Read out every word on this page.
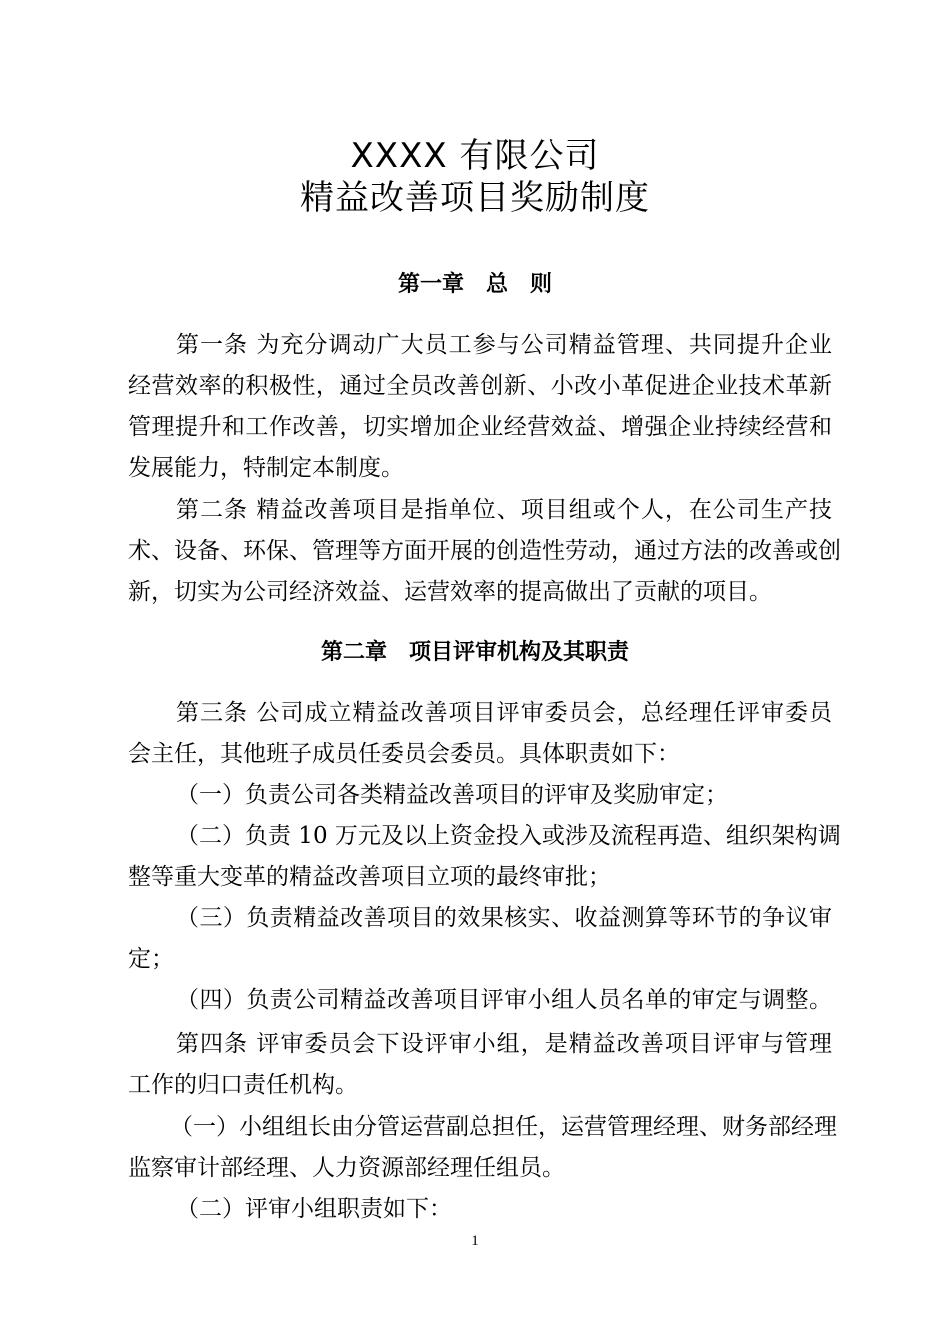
XXXX 有限公司
精益改善项目奖励制度
第一章　总　则
第一条 为充分调动广大员工参与公司精益管理、共同提升企业
经营效率的积极性，通过全员改善创新、小改小革促进企业技术革新
管理提升和工作改善，切实增加企业经营效益、增强企业持续经营和
发展能力，特制定本制度。
第二条 精益改善项目是指单位、项目组或个人，在公司生产技
术、设备、环保、管理等方面开展的创造性劳动，通过方法的改善或创
新，切实为公司经济效益、运营效率的提高做出了贡献的项目。
第二章　项目评审机构及其职责
第三条 公司成立精益改善项目评审委员会，总经理任评审委员
会主任，其他班子成员任委员会委员。具体职责如下：
（一）负责公司各类精益改善项目的评审及奖励审定；
（二）负责 10 万元及以上资金投入或涉及流程再造、组织架构调
整等重大变革的精益改善项目立项的最终审批；
（三）负责精益改善项目的效果核实、收益测算等环节的争议审
定；
（四）负责公司精益改善项目评审小组人员名单的审定与调整。
第四条 评审委员会下设评审小组，是精益改善项目评审与管理
工作的归口责任机构。
（一）小组组长由分管运营副总担任，运营管理经理、财务部经理
监察审计部经理、人力资源部经理任组员。
（二）评审小组职责如下：
1
